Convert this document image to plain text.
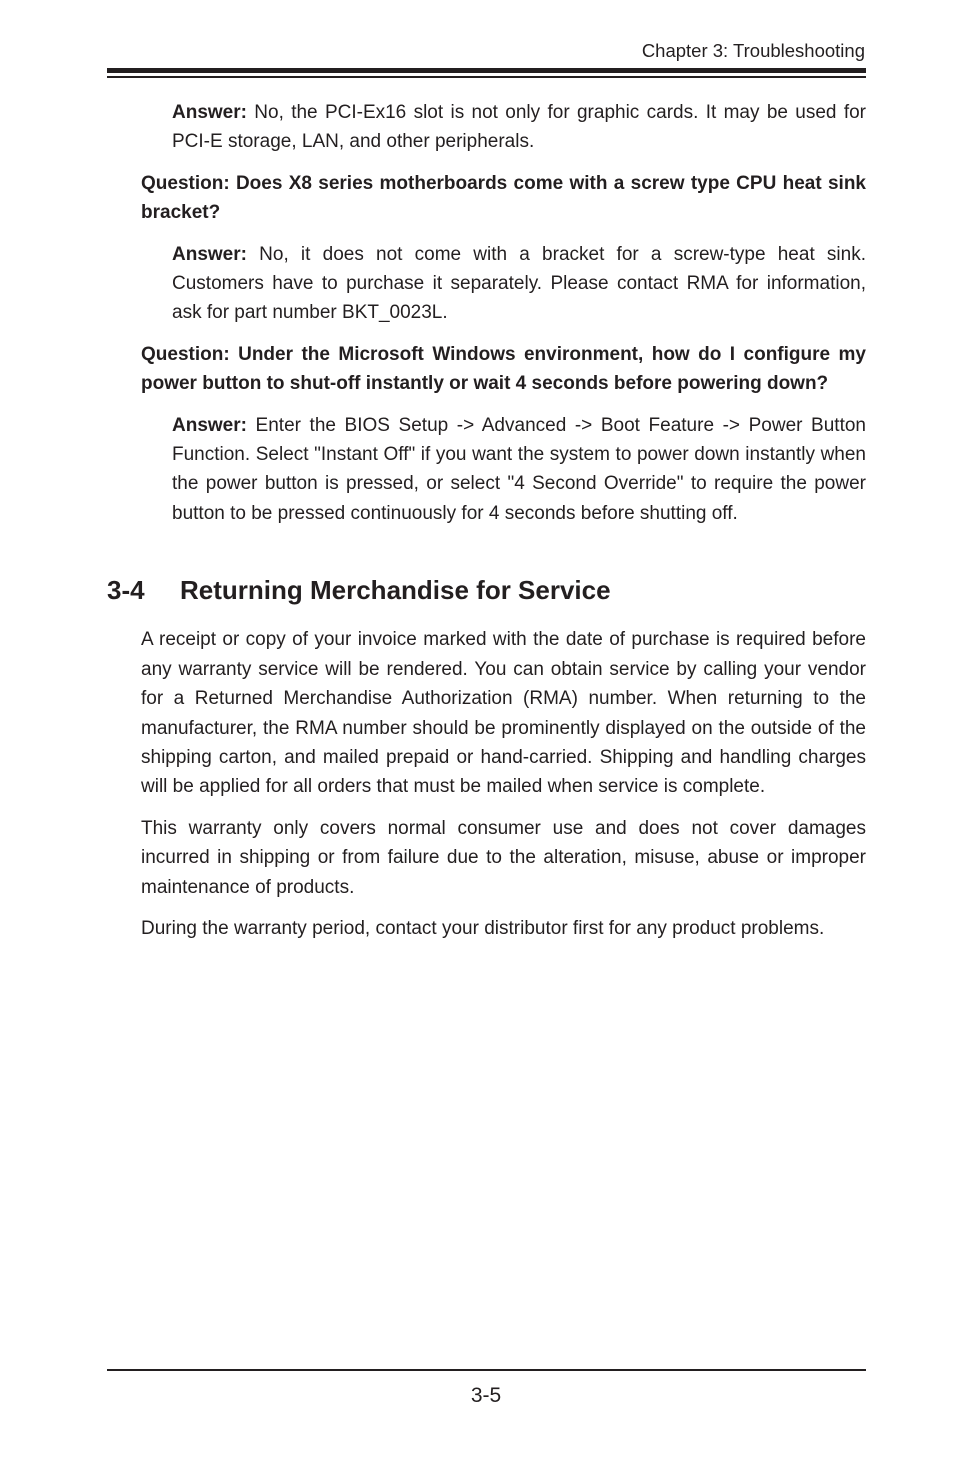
Chapter 3: Troubleshooting

Answer: No, the PCI-Ex16 slot is not only for graphic cards. It may be used for PCI-E storage, LAN, and other peripherals.

Question: Does X8 series motherboards come with a screw type CPU heat sink bracket?

Answer: No, it does not come with a bracket for a screw-type heat sink. Customers have to purchase it separately. Please contact RMA for information, ask for part number BKT_0023L.

Question: Under the Microsoft Windows environment, how do I configure my power button to shut-off instantly or wait 4 seconds before powering down?

Answer: Enter the BIOS Setup -> Advanced -> Boot Feature -> Power Button Function. Select "Instant Off" if you want the system to power down instantly when the power button is pressed, or select "4 Second Override" to require the power button to be pressed continuously for 4 seconds before shutting off.

3-4	Returning Merchandise for Service

A receipt or copy of your invoice marked with the date of purchase is required before any warranty service will be rendered. You can obtain service by calling your vendor for a Returned Merchandise Authorization (RMA) number. When returning to the manufacturer, the RMA number should be prominently displayed on the outside of the shipping carton, and mailed prepaid or hand-carried. Shipping and handling charges will be applied for all orders that must be mailed when service is complete.

This warranty only covers normal consumer use and does not cover damages incurred in shipping or from failure due to the alteration, misuse, abuse or improper maintenance of products.

During the warranty period, contact your distributor first for any product problems.

3-5
